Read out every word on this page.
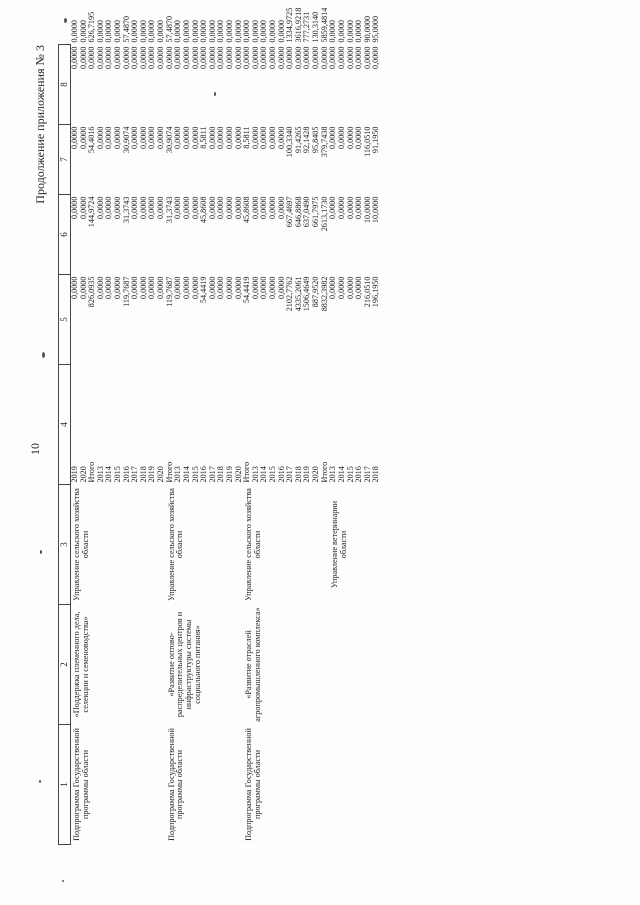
10
Продолжение приложения № 3
1	2	3	4	5	6	7	8	
Подпрограмма Государственной программы области	«Поддержка племенного дела, селекции и семеноводства»	Управление сельского хозяйства области	2019	0,0000	0,0000	0,0000	0,0000	
			2020	0,0000	0,0000	0,0000	0,0000	
			Итого	826,0935	144,9724	54,4016	0,0000	
			2013	0,0000	0,0000	0,0000	0,0000	
			2014	0,0000	0,0000	0,0000	0,0000	
			2015	0,0000	0,0000	0,0000	0,0000	
			2016	119,7687	31,3743	30,9074	0,0000	
			2017	0,0000	0,0000	0,0000	0,0000	
			2018	0,0000	0,0000	0,0000	0,0000	
			2019	0,0000	0,0000	0,0000	0,0000	
			2020	0,0000	0,0000	0,0000	0,0000	
Подпрограмма Государственной программы области	«Развитие оптово-распределительных центров и инфраструктуры системы социального питания»	Управление сельского хозяйства области	Итого	119,7687	31,3743	30,9074	0,0000	
			2013	0,0000	0,0000	0,0000	0,0000	
			2014	0,0000	0,0000	0,0000	0,0000	
			2015	0,0000	0,0000	0,0000	0,0000	
			2016	54,4419	45,8608	8,5811	0,0000	
			2017	0,0000	0,0000	0,0000	0,0000	
			2018	0,0000	0,0000	0,0000	0,0000	
			2019	0,0000	0,0000	0,0000	0,0000	
			2020	0,0000	0,0000	0,0000	0,0000	
Подпрограмма Государственной программы области	«Развитие отраслей агропромышленного комплекса»	Управление сельского хозяйства области	Итого	54,4419	45,8608	8,5811	0,0000	
			2013	0,0000	0,0000	0,0000	0,0000	
			2014	0,0000	0,0000	0,0000	0,0000	
			2015	0,0000	0,0000	0,0000	0,0000	
			2016	0,0000	0,0000	0,0000	0,0000	
			2017	2102,7762	667,4697	100,3340	0,0000	
			2018	4335,2061	646,8868	91,4265	0,0000	
			2019	1506,4649	637,0490	92,1428	0,0000	
			2020	887,9520	661,7975	95,8405	0,0000	
			Итого	8832,3982	2613,1730	379,7438	0,0000	
		Управление ветеринарии области	2013	0,0000	0,0000	0,0000	0,0000	
			2014	0,0000	0,0000	0,0000	0,0000	
			2015	0,0000	0,0000	0,0000	0,0000	
			2016	0,0000	0,0000	0,0000	0,0000	
			2017	216,0510	10,0000	116,0510	0,0000	
			2018	196,1950	10,0000	91,1950	0,0000	
